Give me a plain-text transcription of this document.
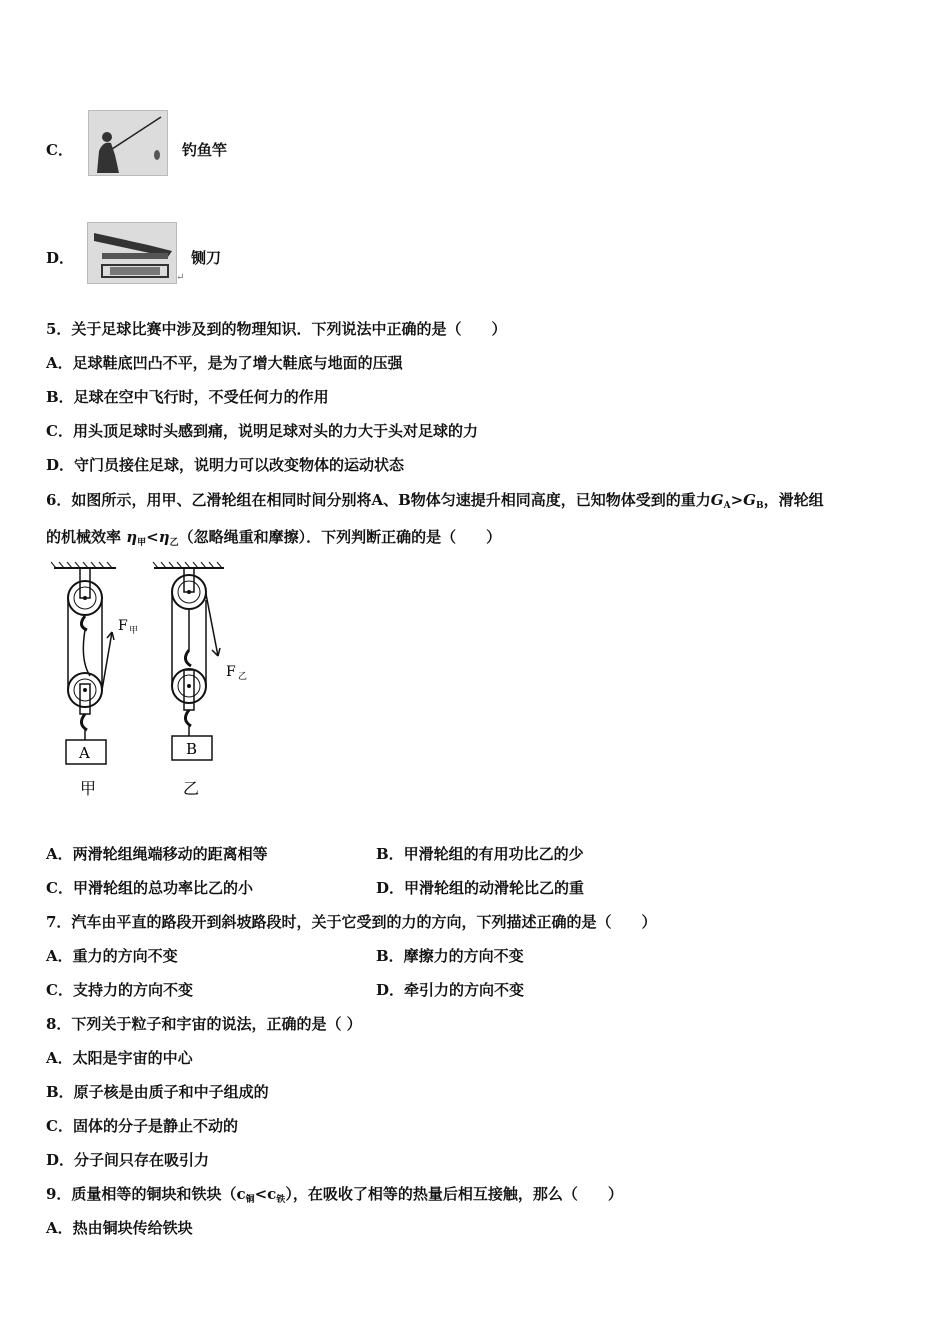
C．	钓鱼竿
D．	铡刀
↵
5．关于足球比赛中涉及到的物理知识．下列说法中正确的是（　　）
A．足球鞋底凹凸不平，是为了增大鞋底与地面的压强
B．足球在空中飞行时，不受任何力的作用
C．用头顶足球时头感到痛，说明足球对头的力大于头对足球的力
D．守门员接住足球，说明力可以改变物体的运动状态
6．如图所示，用甲、乙滑轮组在相同时间分别将A、B物体匀速提升相同高度，已知物体受到的重力$G_A>G_B$，滑轮组
的机械效率 $\eta_甲<\eta_乙$（忽略绳重和摩擦）．下列判断正确的是（　　）
F 甲
A
甲
F 乙
B
乙
A．两滑轮组绳端移动的距离相等	B．甲滑轮组的有用功比乙的少
C．甲滑轮组的总功率比乙的小	D．甲滑轮组的动滑轮比乙的重
7．汽车由平直的路段开到斜坡路段时，关于它受到的力的方向，下列描述正确的是（　　）
A．重力的方向不变	B．摩擦力的方向不变
C．支持力的方向不变	D．牵引力的方向不变
8．下列关于粒子和宇宙的说法，正确的是（ ）
A．太阳是宇宙的中心
B．原子核是由质子和中子组成的
C．固体的分子是静止不动的
D．分子间只存在吸引力
9．质量相等的铜块和铁块$(c_铜<c_铁)$，在吸收了相等的热量后相互接触，那么（　　）
A．热由铜块传给铁块
